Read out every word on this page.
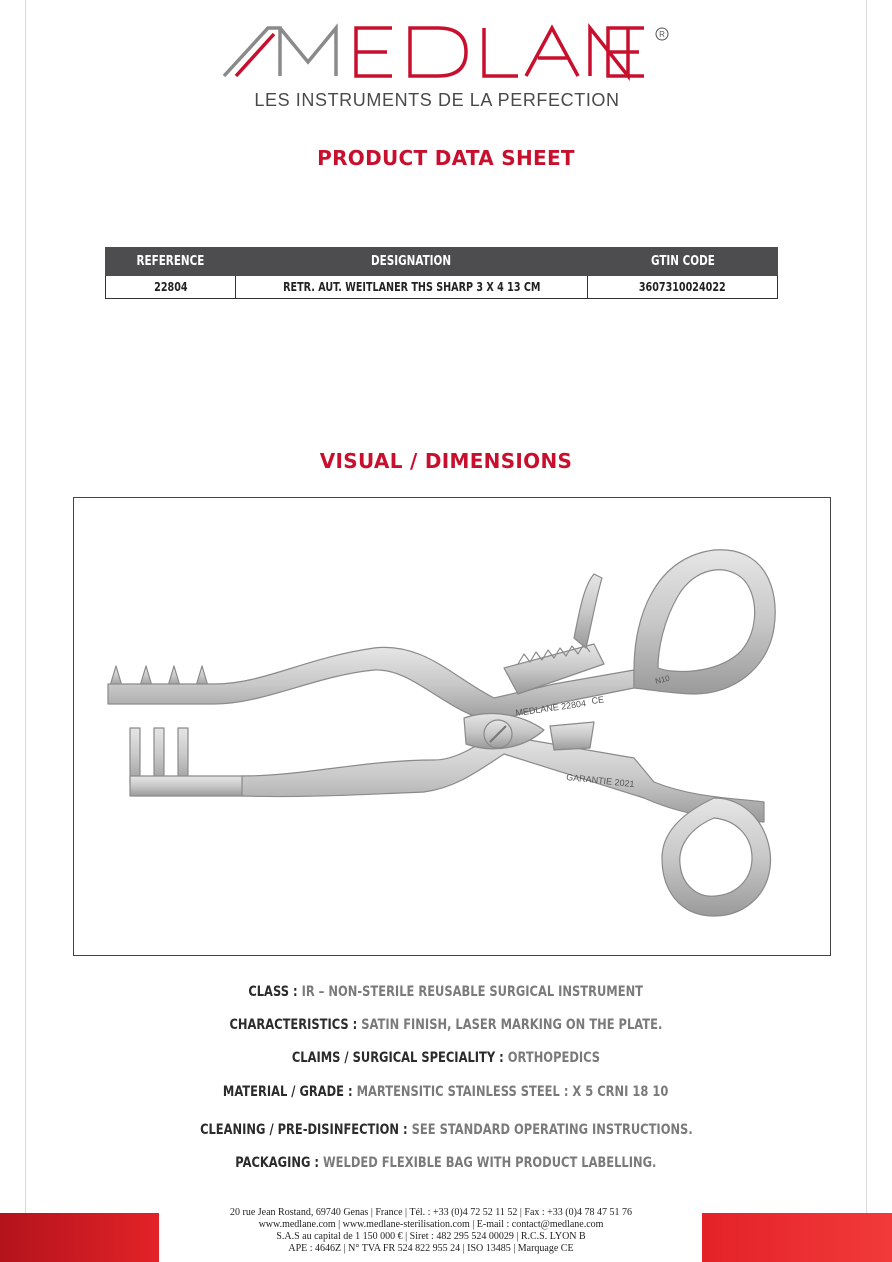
R
LES INSTRUMENTS DE LA PERFECTION
PRODUCT DATA SHEET
REFERENCE	DESIGNATION	GTIN CODE
22804	RETR. AUT. WEITLANER THS SHARP 3 X 4 13 CM	3607310024022
VISUAL / DIMENSIONS
MEDLANE 22804 CE
N10
GARANTIE 2021
CLASS : IR – NON-STERILE REUSABLE SURGICAL INSTRUMENT
CHARACTERISTICS : SATIN FINISH, LASER MARKING ON THE PLATE.
CLAIMS / SURGICAL SPECIALITY : ORTHOPEDICS
MATERIAL / GRADE : MARTENSITIC STAINLESS STEEL : X 5 CRNI 18 10
CLEANING / PRE-DISINFECTION : SEE STANDARD OPERATING INSTRUCTIONS.
PACKAGING : WELDED FLEXIBLE BAG WITH PRODUCT LABELLING.
20 rue Jean Rostand, 69740 Genas | France | Tél. : +33 (0)4 72 52 11 52 | Fax : +33 (0)4 78 47 51 76
www.medlane.com | www.medlane-sterilisation.com | E-mail : contact@medlane.com
S.A.S au capital de 1 150 000 € | Siret : 482 295 524 00029 | R.C.S. LYON B
APE : 4646Z | N° TVA FR 524 822 955 24 | ISO 13485 | Marquage CE
